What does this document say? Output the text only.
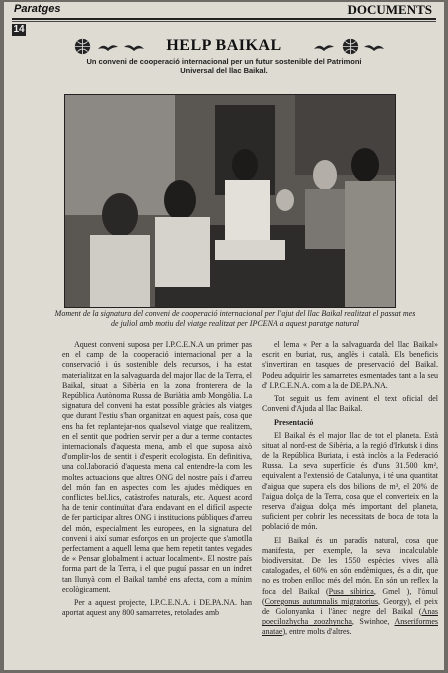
Paratges	DOCUMENTS
14
HELP BAIKAL
Un conveni de cooperació internacional per un futur sostenible del Patrimoni Universal del llac Baikal.
Moment de la signatura del conveni de cooperació internacional per l'ajut del llac Baikal realitzat el passat mes de juliol amb motiu del viatge realitzat per IPCENA a aquest paratge natural

Aquest conveni suposa per I.P.C.E.N.A un primer pas en el camp de la cooperació internacional per a la conservació i ús sostenible dels recursos, i ha estat materialitzat en la salvaguarda del major llac de la Terra, el Baikal, situat a Sibèria en la zona fronterera de la República Autònoma Russa de Buriàtia amb Mongòlia. La signatura del conveni ha estat possible gràcies als viatges que durant l'estiu s'han organitzat en aquest país, cosa que ens ha fet replantejar-nos qualsevol viatge que realitzem, en el sentit que podrien servir per a dur a terme contactes internacionals d'aquesta mena, amb el que suposa això d'omplir-los de sentit i d'esperit ecologista. En definitiva, una col.laboració d'aquesta mena cal entendre-la com les moltes actuacions que altres ONG del nostre país i d'arreu del món fan en aspectes com les ajudes mèdiques en conflictes bel.lics, catàstrofes naturals, etc. Aquest acord ha de tenir continuïtat d'ara endavant en el difícil aspecte de fer participar altres ONG i institucions públiques d'arreu del món, especialment les europees, en la signatura del conveni i així sumar esforços en un projecte que s'amotlla perfectament a aquell lema que hem repetit tantes vegades de « Pensar globalment i actuar localment». El nostre país forma part de la Terra, i el que puguí passar en un indret tan llunyà com el Baikal també ens afecta, com a mínim ecològicament.

Per a aquest projecte, I.P.C.E.N.A. i DE.PA.NA. han aportat aquest any 800 samarretes, retolades amb

el lema « Per a la salvaguarda del llac Baikal» escrit en buriat, rus, anglès i català. Els beneficis s'invertiran en tasques de preservació del Baikal. Podeu adquirir les samarretes esmentades tant a la seu d' I.P.C.E.N.A. com a la de DE.PA.NA.

Tot seguit us fem avinent el text oficial del Conveni d'Ajuda al llac Baikal.

Presentació

El Baikal és el major llac de tot el planeta. Està situat al nord-est de Sibèria, a la regió d'Irkutsk i dins de la República Buriata, i està inclòs a la Federació Russa. La seva superfície és d'uns 31.500 km², equivalent a l'extensió de Catalunya, i té una quantitat d'aigua que supera els dos bilions de m³, el 20% de l'aigua dolça de la Terra, cosa que el converteix en la reserva d'aigua dolça més important del planeta, suficient per cobrir les necessitats de boca de tota la població de món.

El Baikal és un paradís natural, cosa que manifesta, per exemple, la seva incalculable biodiversitat. De les 1550 espècies vives allà catalogades, el 60% en són endèmiques, és a dir, que no es troben enlloc més del món. En són un reflex la foca del Baikal (Pusa sibirica, Gmel ), l'òmul (Coregonus autumnalis migratorius, Georgy), el peix de Golonyanka i l'ànec negre del Baikal (Anas poecilozhycha zoozhyncha, Swinhoe, Anseriformes anatae), entre molts d'altres.
